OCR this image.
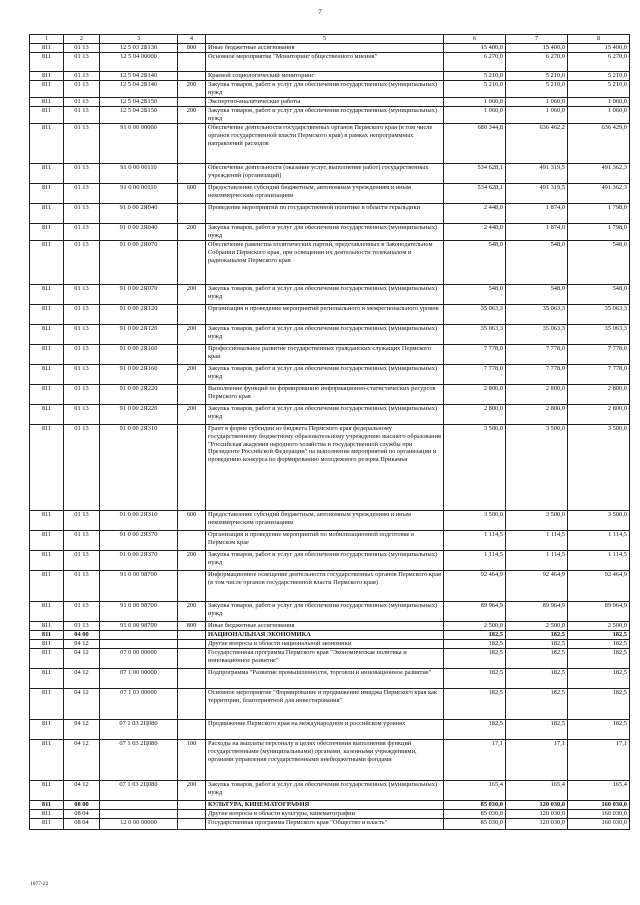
7
1	2	3	4	5	6	7	8
811	01 13	12 5 03 2Б130	800	Иные бюджетные ассигнования	15 400,0	15 400,0	15 400,0
811	01 13	12 5 04 00000		Основное мероприятие "Мониторинг общественного мнения"	6 270,0	6 270,0	6 270,0
811	01 13	12 5 04 2Б140		Краевой социологический мониторинг	5 210,0	5 210,0	5 210,0
811	01 13	12 5 04 2Б140	200	Закупка товаров, работ и услуг для обеспечения государственных (муниципальных) нужд	5 210,0	5 210,0	5 210,0
811	01 13	12 5 04 2Б150		Экспертно-аналитические работы	1 060,0	1 060,0	1 060,0
811	01 13	12 5 04 2Б150	200	Закупка товаров, работ и услуг для обеспечения государственных (муниципальных) нужд	1 060,0	1 060,0	1 060,0
811	01 13	91 0 00 00000		Обеспечение деятельности государственных органов Пермского края (в том числе органов государственной власти Пермского края) в рамках непрограммных направлений расходов	680 344,8	636 462,2	636 429,0
811	01 13	91 0 00 00110		Обеспечение деятельности (оказание услуг, выполнение работ) государственных учреждений (организаций)	534 628,1	491 319,5	491 362,3
811	01 13	91 0 00 00110	600	Предоставление субсидий бюджетным, автономным учреждениям и иным некоммерческим организациям	534 628,1	491 319,5	491 362,3
811	01 13	91 0 00 2Я040		Проведение мероприятий по государственной политике в области геральдики	2 448,0	1 874,0	1 798,0
811	01 13	91 0 00 2Я040	200	Закупка товаров, работ и услуг для обеспечения государственных (муниципальных) нужд	2 448,0	1 874,0	1 798,0
811	01 13	91 0 00 2Я070		Обеспечение равенства политических партий, представленных в Законодательном Собрании Пермского края, при освещении их деятельности телеканалом и радиоканалом Пермского края	548,0	548,0	548,0
811	01 13	91 0 00 2Я070	200	Закупка товаров, работ и услуг для обеспечения государственных (муниципальных) нужд	548,0	548,0	548,0
811	01 13	91 0 00 2Я120		Организация и проведение мероприятий регионального и межрегионального уровня	35 063,3	35 063,3	35 063,3
811	01 13	91 0 00 2Я120	200	Закупка товаров, работ и услуг для обеспечения государственных (муниципальных) нужд	35 063,3	35 063,3	35 063,3
811	01 13	91 0 00 2Я160		Профессиональное развитие государственных гражданских служащих Пермского края	7 778,0	7 778,0	7 778,0
811	01 13	91 0 00 2Я160	200	Закупка товаров, работ и услуг для обеспечения государственных (муниципальных) нужд	7 778,0	7 778,0	7 778,0
811	01 13	91 0 00 2Я220		Выполнение функций по формированию информационно-статистических ресурсов Пермского края	2 800,0	2 800,0	2 800,0
811	01 13	91 0 00 2Я220	200	Закупка товаров, работ и услуг для обеспечения государственных (муниципальных) нужд	2 800,0	2 800,0	2 800,0
811	01 13	91 0 00 2Я310		Грант в форме субсидии из бюджета Пермского края федеральному государственному бюджетному образовательному учреждению высшего образования "Российская академия народного хозяйства и государственной службы при Президенте Российской Федерации" на выполнение мероприятий по организации и проведению конкурса по формированию молодежного резерва Прикамья	3 500,0	3 500,0	3 500,0
811	01 13	91 0 00 2Я310	600	Предоставление субсидий бюджетным, автономным учреждениям и иным некоммерческим организациям	3 500,0	3 500,0	3 500,0
811	01 13	91 0 00 2Я370		Организация и проведение мероприятий по мобилизационной подготовке в Пермском крае	1 114,5	1 114,5	1 114,5
811	01 13	91 0 00 2Я370	200	Закупка товаров, работ и услуг для обеспечения государственных (муниципальных) нужд	1 114,5	1 114,5	1 114,5
811	01 13	91 0 00 98700		Информационное освещение деятельности государственных органов Пермского края (в том числе органов государственной власти Пермского края)	92 464,9	92 464,9	92 464,9
811	01 13	91 0 00 98700	200	Закупка товаров, работ и услуг для обеспечения государственных (муниципальных) нужд	89 964,9	89 964,9	89 964,9
811	01 13	91 0 00 98700	800	Иные бюджетные ассигнования	2 500,0	2 500,0	2 500,0
811	04 00			НАЦИОНАЛЬНАЯ ЭКОНОМИКА	182,5	182,5	182,5
811	04 12			Другие вопросы в области национальной экономики	182,5	182,5	182,5
811	04 12	07 0 00 00000		Государственная программа Пермского края "Экономическая политика и инновационное развитие"	182,5	182,5	182,5
811	04 12	07 1 00 00000		Подпрограмма "Развитие промышленности, торговли и инновационное развитие"	182,5	182,5	182,5
811	04 12	07 1 03 00000		Основное мероприятие "Формирование и продвижение имиджа Пермского края как территории, благоприятной для инвестирования"	182,5	182,5	182,5
811	04 12	07 1 03 2Ц080		Продвижение Пермского края на международном и российском уровнях	182,5	182,5	182,5
811	04 12	07 1 03 2Ц080	100	Расходы на выплаты персоналу в целях обеспечения выполнения функций государственными (муниципальными) органами, казенными учреждениями, органами управления государственными внебюджетными фондами	17,1	17,1	17,1
811	04 12	07 1 03 2Ц080	200	Закупка товаров, работ и услуг для обеспечения государственных (муниципальных) нужд	165,4	165,4	165,4
811	08 00			КУЛЬТУРА, КИНЕМАТОГРАФИЯ	85 030,0	120 030,0	160 030,0
811	08 04			Другие вопросы в области культуры, кинематографии	85 030,0	120 030,0	160 030,0
811	08 04	12 0 00 00000		Государственная программа Пермского края "Общество и власть"	85 030,0	120 030,0	160 030,0
1077-22
